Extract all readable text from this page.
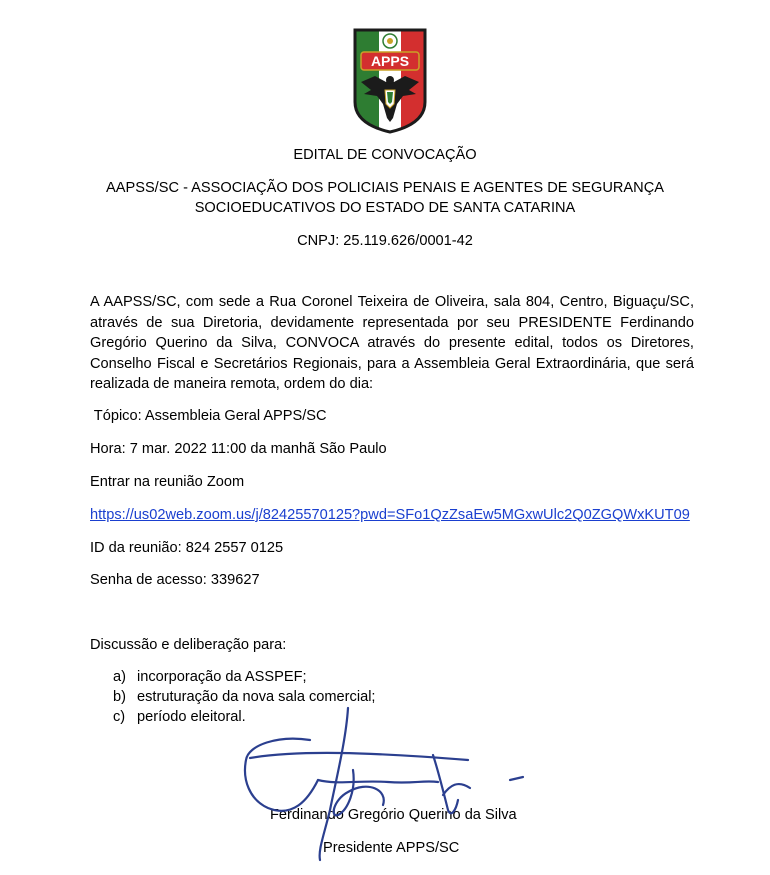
APPS
EDITAL DE CONVOCAÇÃO
AAPSS/SC - ASSOCIAÇÃO DOS POLICIAIS PENAIS E AGENTES DE SEGURANÇA
SOCIOEDUCATIVOS DO ESTADO DE SANTA CATARINA
CNPJ: 25.119.626/0001-42
A AAPSS/SC, com sede a Rua Coronel Teixeira de Oliveira, sala 804, Centro, Biguaçu/SC,
através de sua Diretoria, devidamente representada por seu PRESIDENTE Ferdinando
Gregório Querino da Silva, CONVOCA através do presente edital, todos os Diretores,
Conselho Fiscal e Secretários Regionais, para a Assembleia Geral Extraordinária, que será
realizada de maneira remota, ordem do dia:
Tópico: Assembleia Geral APPS/SC
Hora: 7 mar. 2022 11:00 da manhã São Paulo
Entrar na reunião Zoom
https://us02web.zoom.us/j/82425570125?pwd=SFo1QzZsaEw5MGxwUlc2Q0ZGQWxKUT09
ID da reunião: 824 2557 0125
Senha de acesso: 339627
Discussão e deliberação para:
a) incorporação da ASSPEF;
b) estruturação da nova sala comercial;
c) período eleitoral.
Ferdinando Gregório Querino da Silva
Presidente APPS/SC
